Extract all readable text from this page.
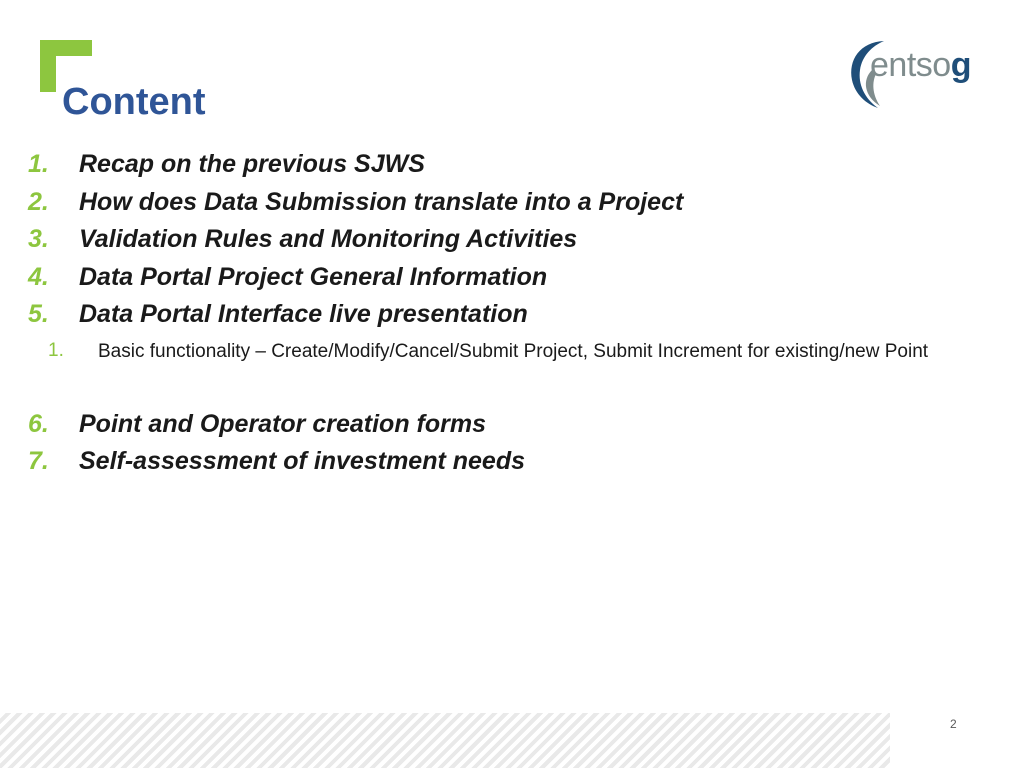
Content
entsog
1. Recap on the previous SJWS
2. How does Data Submission translate into a Project
3. Validation Rules and Monitoring Activities
4. Data Portal Project General Information
5. Data Portal Interface live presentation
1. Basic functionality – Create/Modify/Cancel/Submit Project, Submit Increment for existing/new Point
6. Point and Operator creation forms
7. Self-assessment of investment needs
2
